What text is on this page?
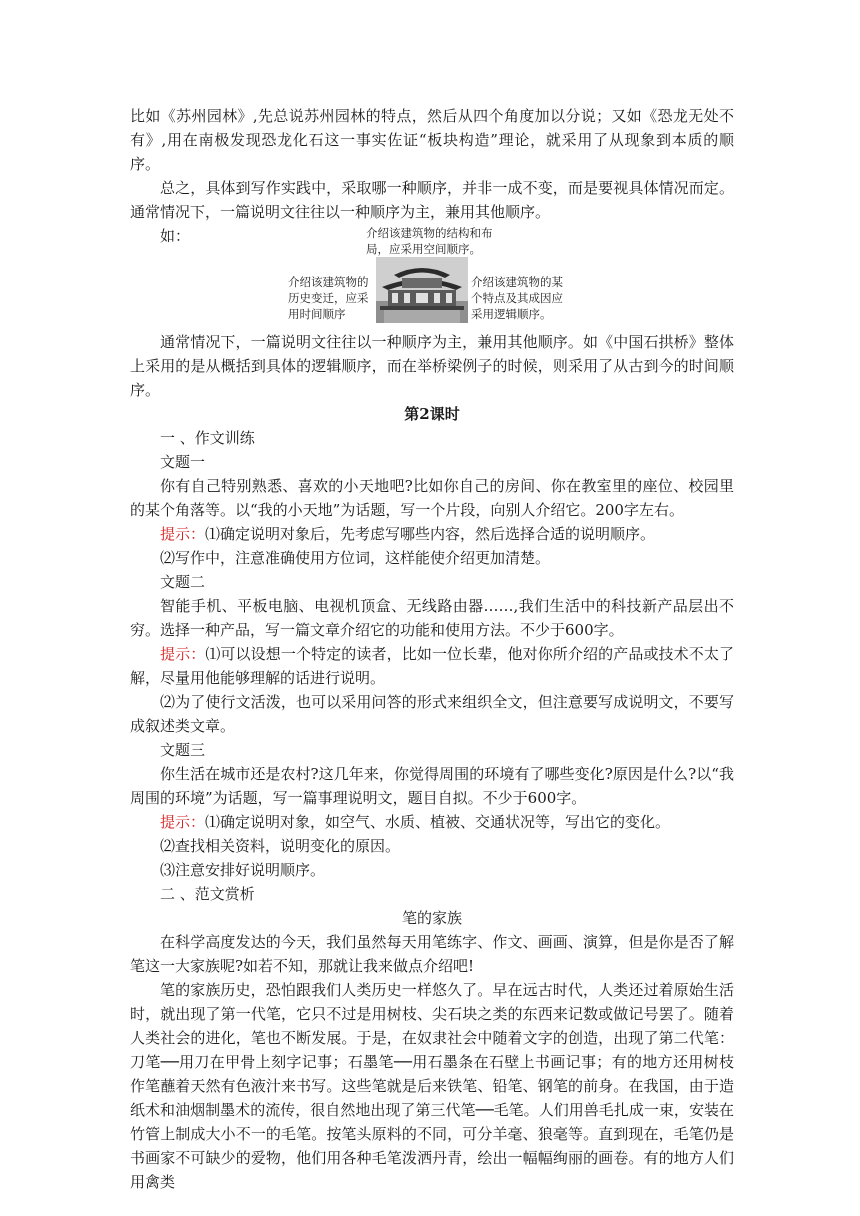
比如《苏州园林》,先总说苏州园林的特点，然后从四个角度加以分说；又如《恐龙无处不有》,用在南极发现恐龙化石这一事实佐证“板块构造”理论，就采用了从现象到本质的顺序。

总之，具体到写作实践中，采取哪一种顺序，并非一成不变，而是要视具体情况而定。通常情况下，一篇说明文往往以一种顺序为主，兼用其他顺序。

如：	介绍该建筑物的结构和布局，应采用空间顺序。
介绍该建筑物的历史变迁，应采用时间顺序
介绍该建筑物的某个特点及其成因应采用逻辑顺序。

通常情况下，一篇说明文往往以一种顺序为主，兼用其他顺序。如《中国石拱桥》整体上采用的是从概括到具体的逻辑顺序，而在举桥梁例子的时候，则采用了从古到今的时间顺序。

第2课时

一 、作文训练

文题一

你有自己特别熟悉、喜欢的小天地吧?比如你自己的房间、你在教室里的座位、校园里的某个角落等。以“我的小天地”为话题，写一个片段，向别人介绍它。200字左右。

提示：⑴确定说明对象后，先考虑写哪些内容，然后选择合适的说明顺序。

⑵写作中，注意准确使用方位词，这样能使介绍更加清楚。

文题二

智能手机、平板电脑、电视机顶盒、无线路由器……,我们生活中的科技新产品层出不穷。选择一种产品，写一篇文章介绍它的功能和使用方法。不少于600字。

提示：⑴可以设想一个特定的读者，比如一位长辈，他对你所介绍的产品或技术不太了解，尽量用他能够理解的话进行说明。

⑵为了使行文活泼，也可以采用问答的形式来组织全文，但注意要写成说明文，不要写成叙述类文章。

文题三

你生活在城市还是农村?这几年来，你觉得周围的环境有了哪些变化?原因是什么?以“我周围的环境”为话题，写一篇事理说明文，题目自拟。不少于600字。

提示：⑴确定说明对象，如空气、水质、植被、交通状况等，写出它的变化。

⑵查找相关资料，说明变化的原因。

⑶注意安排好说明顺序。

二 、范文赏析

笔的家族

在科学高度发达的今天，我们虽然每天用笔练字、作文、画画、演算，但是你是否了解笔这一大家族呢?如若不知，那就让我来做点介绍吧!

笔的家族历史，恐怕跟我们人类历史一样悠久了。早在远古时代，人类还过着原始生活时，就出现了第一代笔，它只不过是用树枝、尖石块之类的东西来记数或做记号罢了。随着人类社会的进化，笔也不断发展。于是，在奴隶社会中随着文字的创造，出现了第二代笔：刀笔──用刀在甲骨上刻字记事；石墨笔──用石墨条在石壁上书画记事；有的地方还用树枝作笔蘸着天然有色液汁来书写。这些笔就是后来铁笔、铅笔、钢笔的前身。在我国，由于造纸术和油烟制墨术的流传，很自然地出现了第三代笔──毛笔。人们用兽毛扎成一束，安装在竹管上制成大小不一的毛笔。按笔头原料的不同，可分羊毫、狼毫等。直到现在，毛笔仍是书画家不可缺少的爱物，他们用各种毛笔泼洒丹青，绘出一幅幅绚丽的画卷。有的地方人们用禽类
